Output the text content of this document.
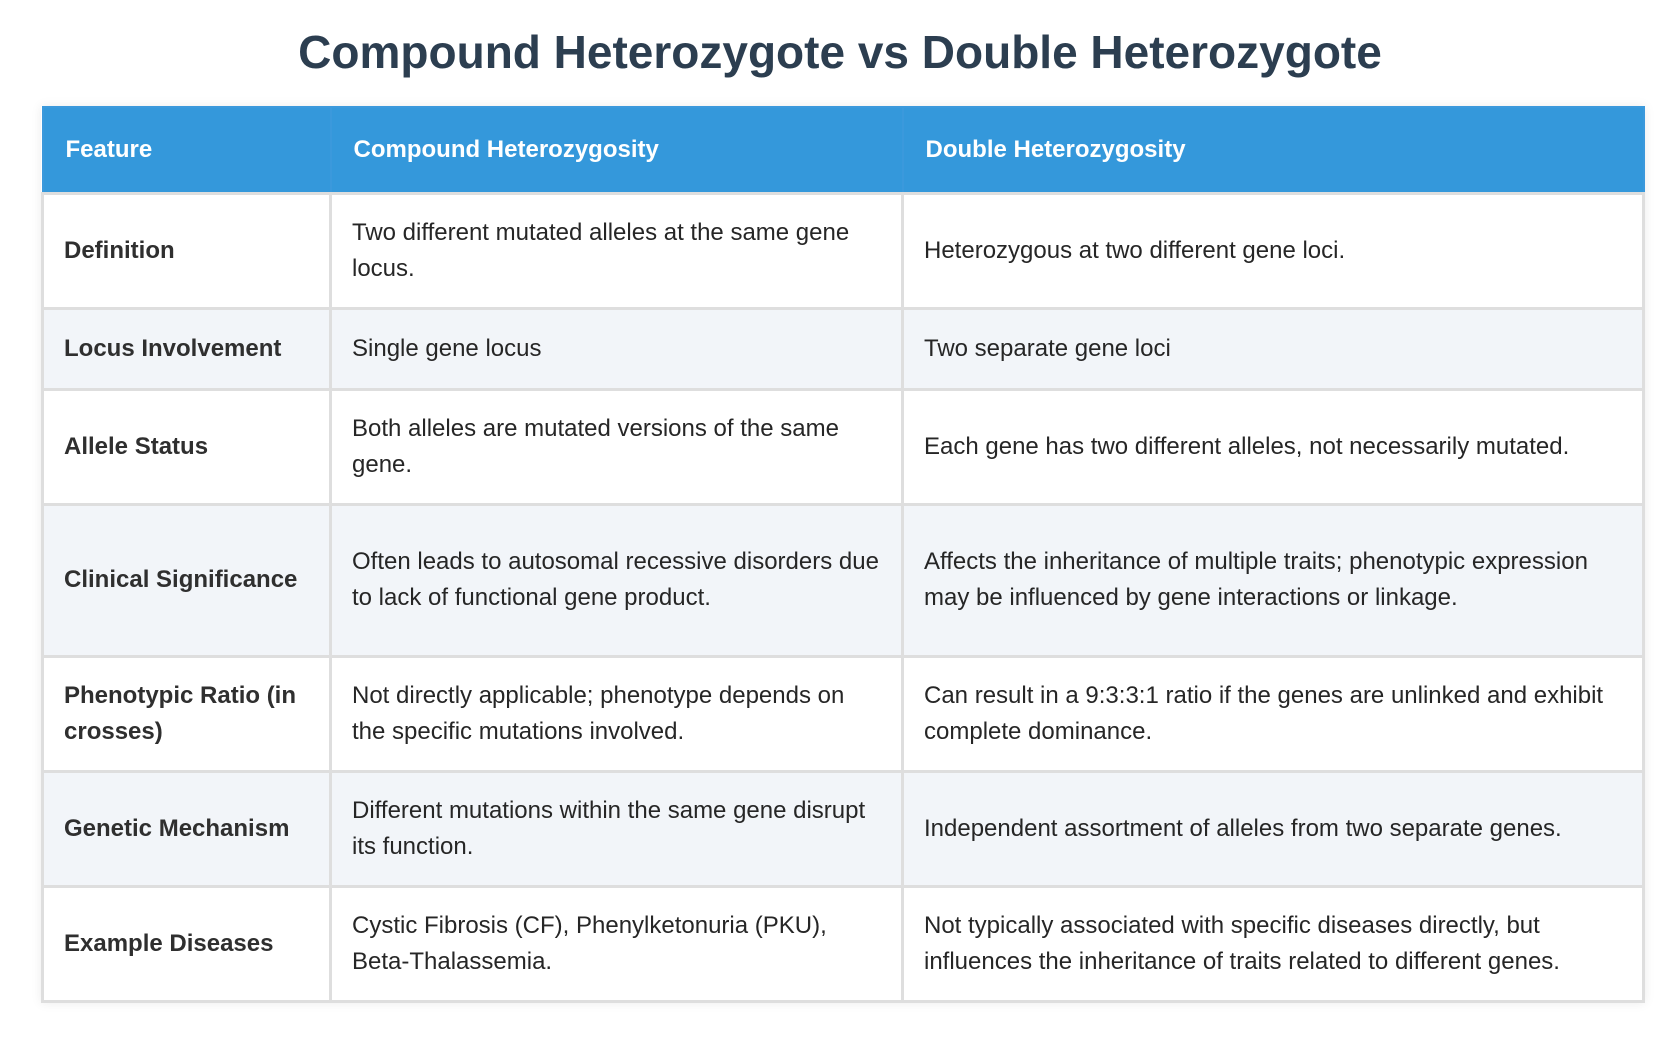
Compound Heterozygote vs Double Heterozygote
Feature	Compound Heterozygosity	Double Heterozygosity
Definition	Two different mutated alleles at the same gene locus.	Heterozygous at two different gene loci.
Locus Involvement	Single gene locus	Two separate gene loci
Allele Status	Both alleles are mutated versions of the same gene.	Each gene has two different alleles, not necessarily mutated.
Clinical Significance	Often leads to autosomal recessive disorders due to lack of functional gene product.	Affects the inheritance of multiple traits; phenotypic expression may be influenced by gene interactions or linkage.
Phenotypic Ratio (in crosses)	Not directly applicable; phenotype depends on the specific mutations involved.	Can result in a 9:3:3:1 ratio if the genes are unlinked and exhibit complete dominance.
Genetic Mechanism	Different mutations within the same gene disrupt its function.	Independent assortment of alleles from two separate genes.
Example Diseases	Cystic Fibrosis (CF), Phenylketonuria (PKU), Beta-Thalassemia.	Not typically associated with specific diseases directly, but influences the inheritance of traits related to different genes.
